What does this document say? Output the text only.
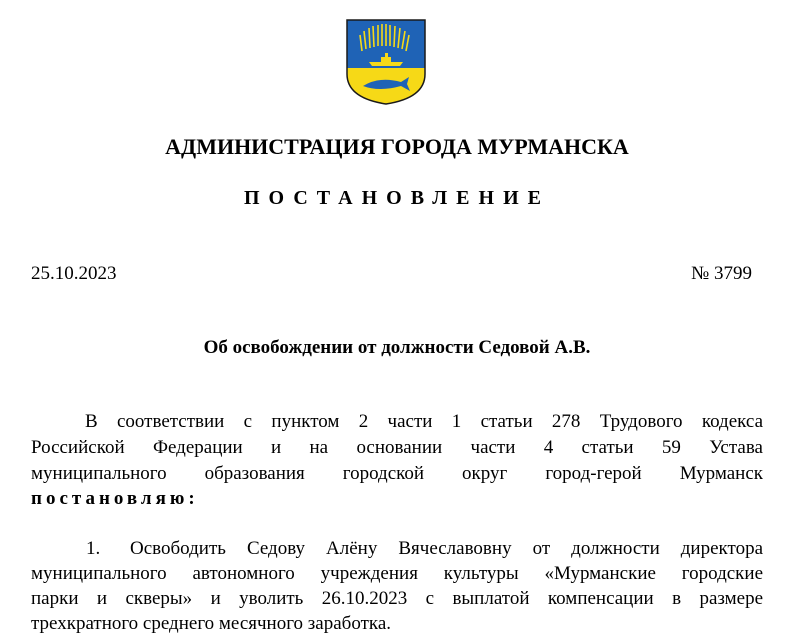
АДМИНИСТРАЦИЯ ГОРОДА МУРМАНСКА
ПОСТАНОВЛЕНИЕ
25.10.2023	№ 3799
Об освобождении от должности Седовой А.В.
В соответствии с пунктом 2 части 1 статьи 278 Трудового кодекса
Российской Федерации и на основании части 4 статьи 59 Устава
муниципального образования городской округ город-герой Мурманск
постановляю:
1. Освободить Седову Алёну Вячеславовну от должности директора
муниципального автономного учреждения культуры «Мурманские городские
парки и скверы» и уволить 26.10.2023 с выплатой компенсации в размере
трехкратного среднего месячного заработка.
